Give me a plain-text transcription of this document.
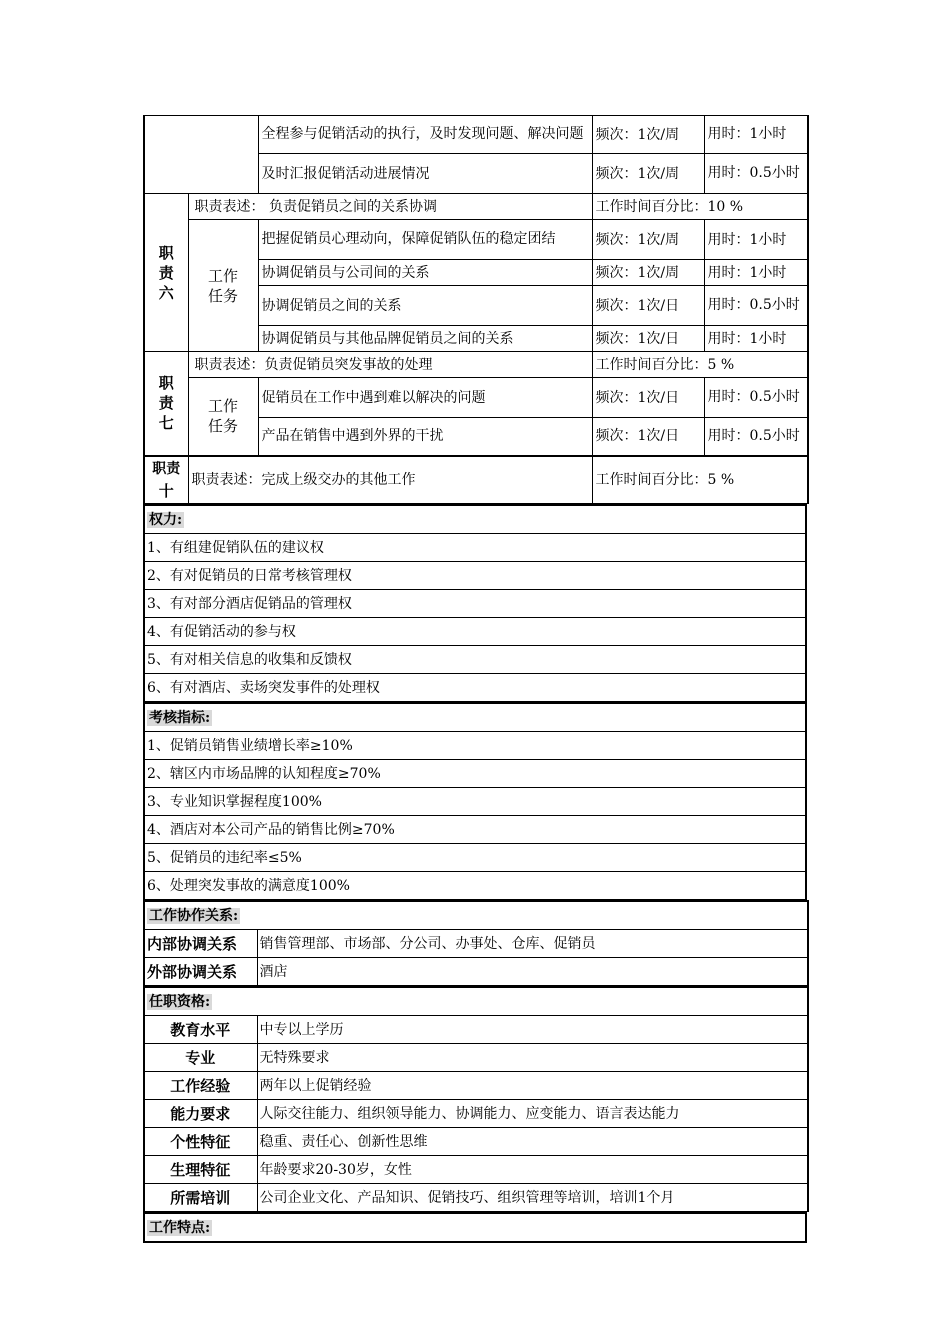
		全程参与促销活动的执行，及时发现问题、解决问题	频次：1次/周	用时：1小时
		及时汇报促销活动进展情况	频次：1次/周	用时：0.5小时
职责六	职责表述： 负责促销员之间的关系协调		工作时间百分比：10 %	
	工作任务	把握促销员心理动向，保障促销队伍的稳定团结	频次：1次/周	用时：1小时
		协调促销员与公司间的关系	频次：1次/周	用时：1小时
		协调促销员之间的关系	频次：1次/日	用时：0.5小时
		协调促销员与其他品牌促销员之间的关系	频次：1次/日	用时：1小时
职责七	职责表述：负责促销员突发事故的处理		工作时间百分比：5 %	
	工作任务	促销员在工作中遇到难以解决的问题	频次：1次/日	用时：0.5小时
		产品在销售中遇到外界的干扰	频次：1次/日	用时：0.5小时

职责
十	职责表述：完成上级交办的其他工作		工作时间百分比：5 %	
权力:
1、有组建促销队伍的建议权
2、有对促销员的日常考核管理权
3、有对部分酒店促销品的管理权
4、有促销活动的参与权
5、有对相关信息的收集和反馈权
6、有对酒店、卖场突发事件的处理权
考核指标:
1、促销员销售业绩增长率≥10%
2、辖区内市场品牌的认知程度≥70%
3、专业知识掌握程度100%
4、酒店对本公司产品的销售比例≥70%
5、促销员的违纪率≤5%
6、处理突发事故的满意度100%
工作协作关系:	
内部协调关系	销售管理部、市场部、分公司、办事处、仓库、促销员
外部协调关系	酒店
任职资格:	
教育水平	中专以上学历
专业	无特殊要求
工作经验	两年以上促销经验
能力要求	人际交往能力、组织领导能力、协调能力、应变能力、语言表达能力
个性特征	稳重、责任心、创新性思维
生理特征	年龄要求20-30岁，女性
所需培训	公司企业文化、产品知识、促销技巧、组织管理等培训，培训1个月
工作特点:
